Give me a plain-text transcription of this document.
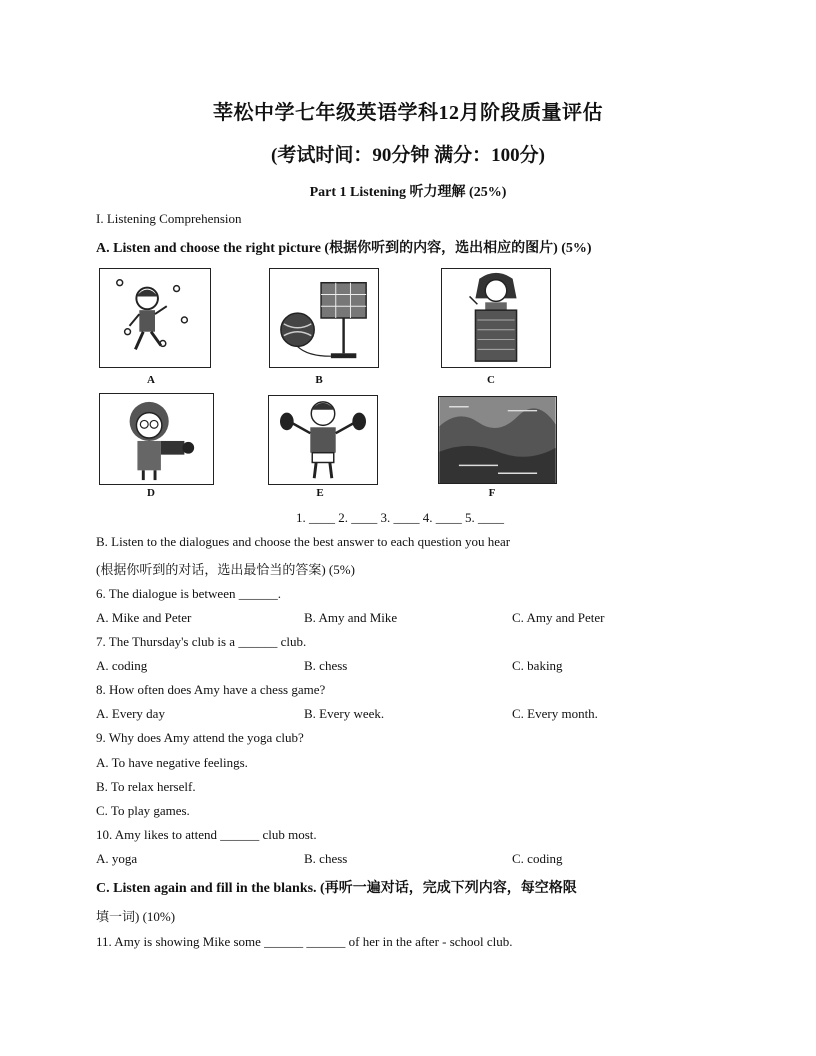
莘松中学七年级英语学科12月阶段质量评估
(考试时间：90分钟 满分：100分)
Part 1 Listening 听力理解 (25%)
I. Listening Comprehension
A. Listen and choose the right picture (根据你听到的内容，选出相应的图片) (5%)
A	B	C
D	E	F
1. ____ 2. ____ 3. ____ 4. ____ 5. ____
B. Listen to the dialogues and choose the best answer to each question you hear
(根据你听到的对话，选出最恰当的答案) (5%)
6. The dialogue is between ______.
A. Mike and Peter	B. Amy and Mike	C. Amy and Peter
7. The Thursday's club is a ______ club.
A. coding	B. chess	C. baking
8. How often does Amy have a chess game?
A. Every day	B. Every week.	C. Every month.
9. Why does Amy attend the yoga club?
A. To have negative feelings.
B. To relax herself.
C. To play games.
10. Amy likes to attend ______ club most.
A. yoga	B. chess	C. coding
C. Listen again and fill in the blanks. (再听一遍对话，完成下列内容，每空格限
填一词) (10%)
11. Amy is showing Mike some ______ ______ of her in the after - school club.
